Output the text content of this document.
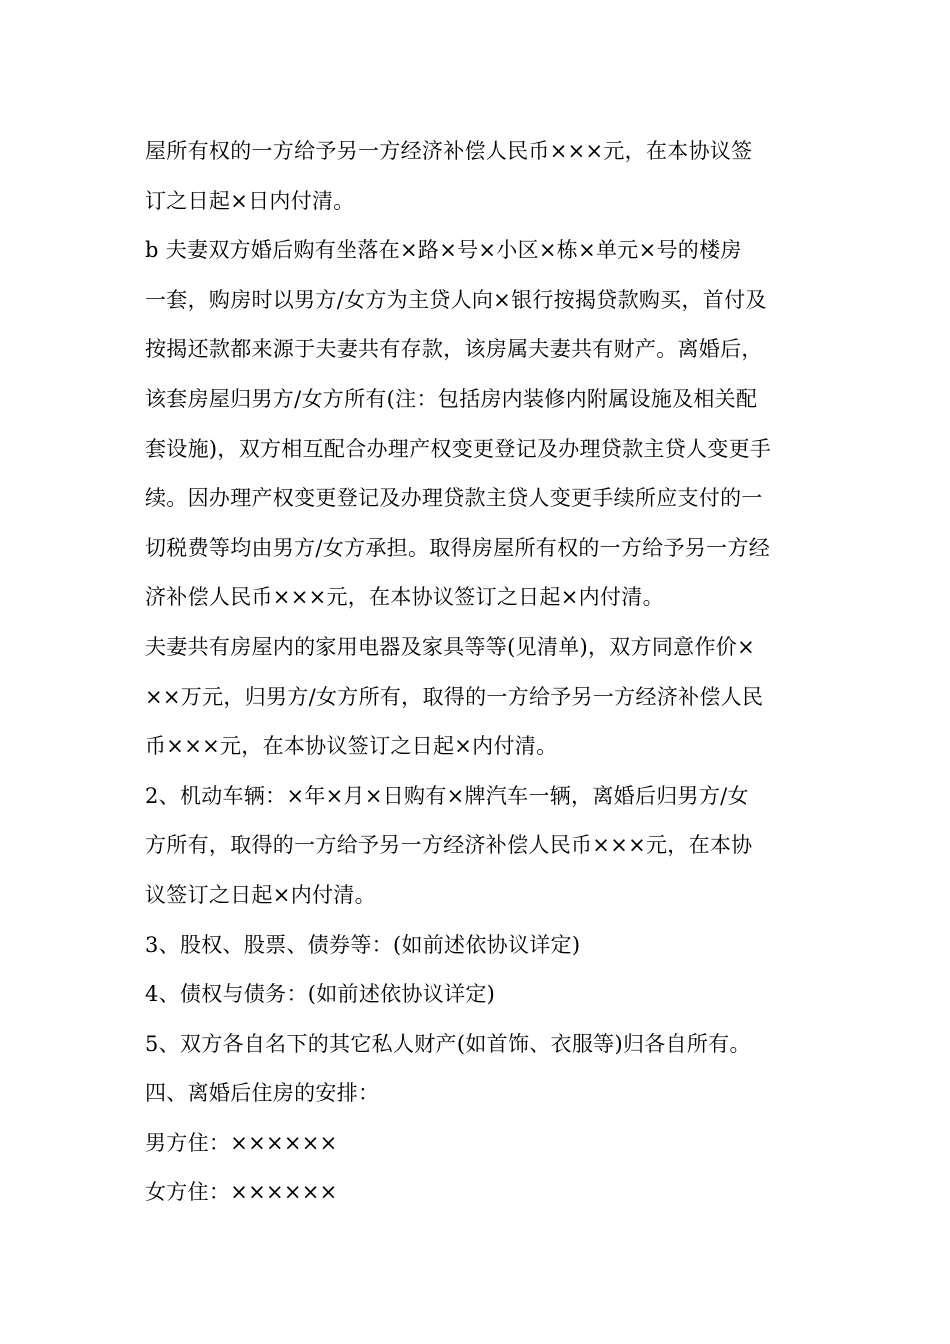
屋所有权的一方给予另一方经济补偿人民币×××元，在本协议签
订之日起×日内付清。
b 夫妻双方婚后购有坐落在×路×号×小区×栋×单元×号的楼房
一套，购房时以男方/女方为主贷人向×银行按揭贷款购买，首付及
按揭还款都来源于夫妻共有存款，该房属夫妻共有财产。离婚后，
该套房屋归男方/女方所有(注：包括房内装修内附属设施及相关配
套设施)，双方相互配合办理产权变更登记及办理贷款主贷人变更手
续。因办理产权变更登记及办理贷款主贷人变更手续所应支付的一
切税费等均由男方/女方承担。取得房屋所有权的一方给予另一方经
济补偿人民币×××元，在本协议签订之日起×内付清。
夫妻共有房屋内的家用电器及家具等等(见清单)，双方同意作价×
××万元，归男方/女方所有，取得的一方给予另一方经济补偿人民
币×××元，在本协议签订之日起×内付清。
2、机动车辆：×年×月×日购有×牌汽车一辆，离婚后归男方/女
方所有，取得的一方给予另一方经济补偿人民币×××元，在本协
议签订之日起×内付清。
3、股权、股票、债券等：(如前述依协议详定)
4、债权与债务：(如前述依协议详定)
5、双方各自名下的其它私人财产(如首饰、衣服等)归各自所有。
四、离婚后住房的安排：
男方住：××××××
女方住：××××××
